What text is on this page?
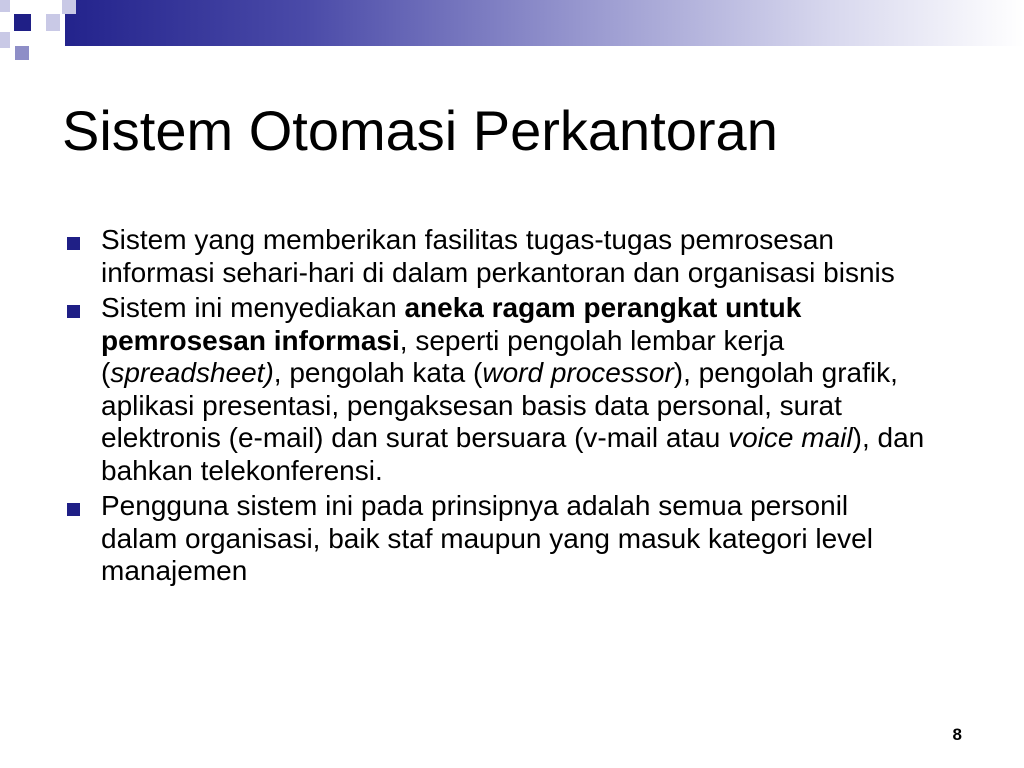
Sistem Otomasi Perkantoran
Sistem yang memberikan fasilitas tugas-tugas pemrosesan informasi sehari-hari di dalam perkantoran dan organisasi bisnis
Sistem ini menyediakan aneka ragam perangkat untuk pemrosesan informasi, seperti pengolah lembar kerja (spreadsheet), pengolah kata (word processor), pengolah grafik, aplikasi presentasi, pengaksesan basis data personal, surat elektronis (e-mail) dan surat bersuara (v-mail atau voice mail), dan bahkan telekonferensi.
Pengguna sistem ini pada prinsipnya adalah semua personil dalam organisasi, baik staf maupun yang masuk kategori level manajemen
8
